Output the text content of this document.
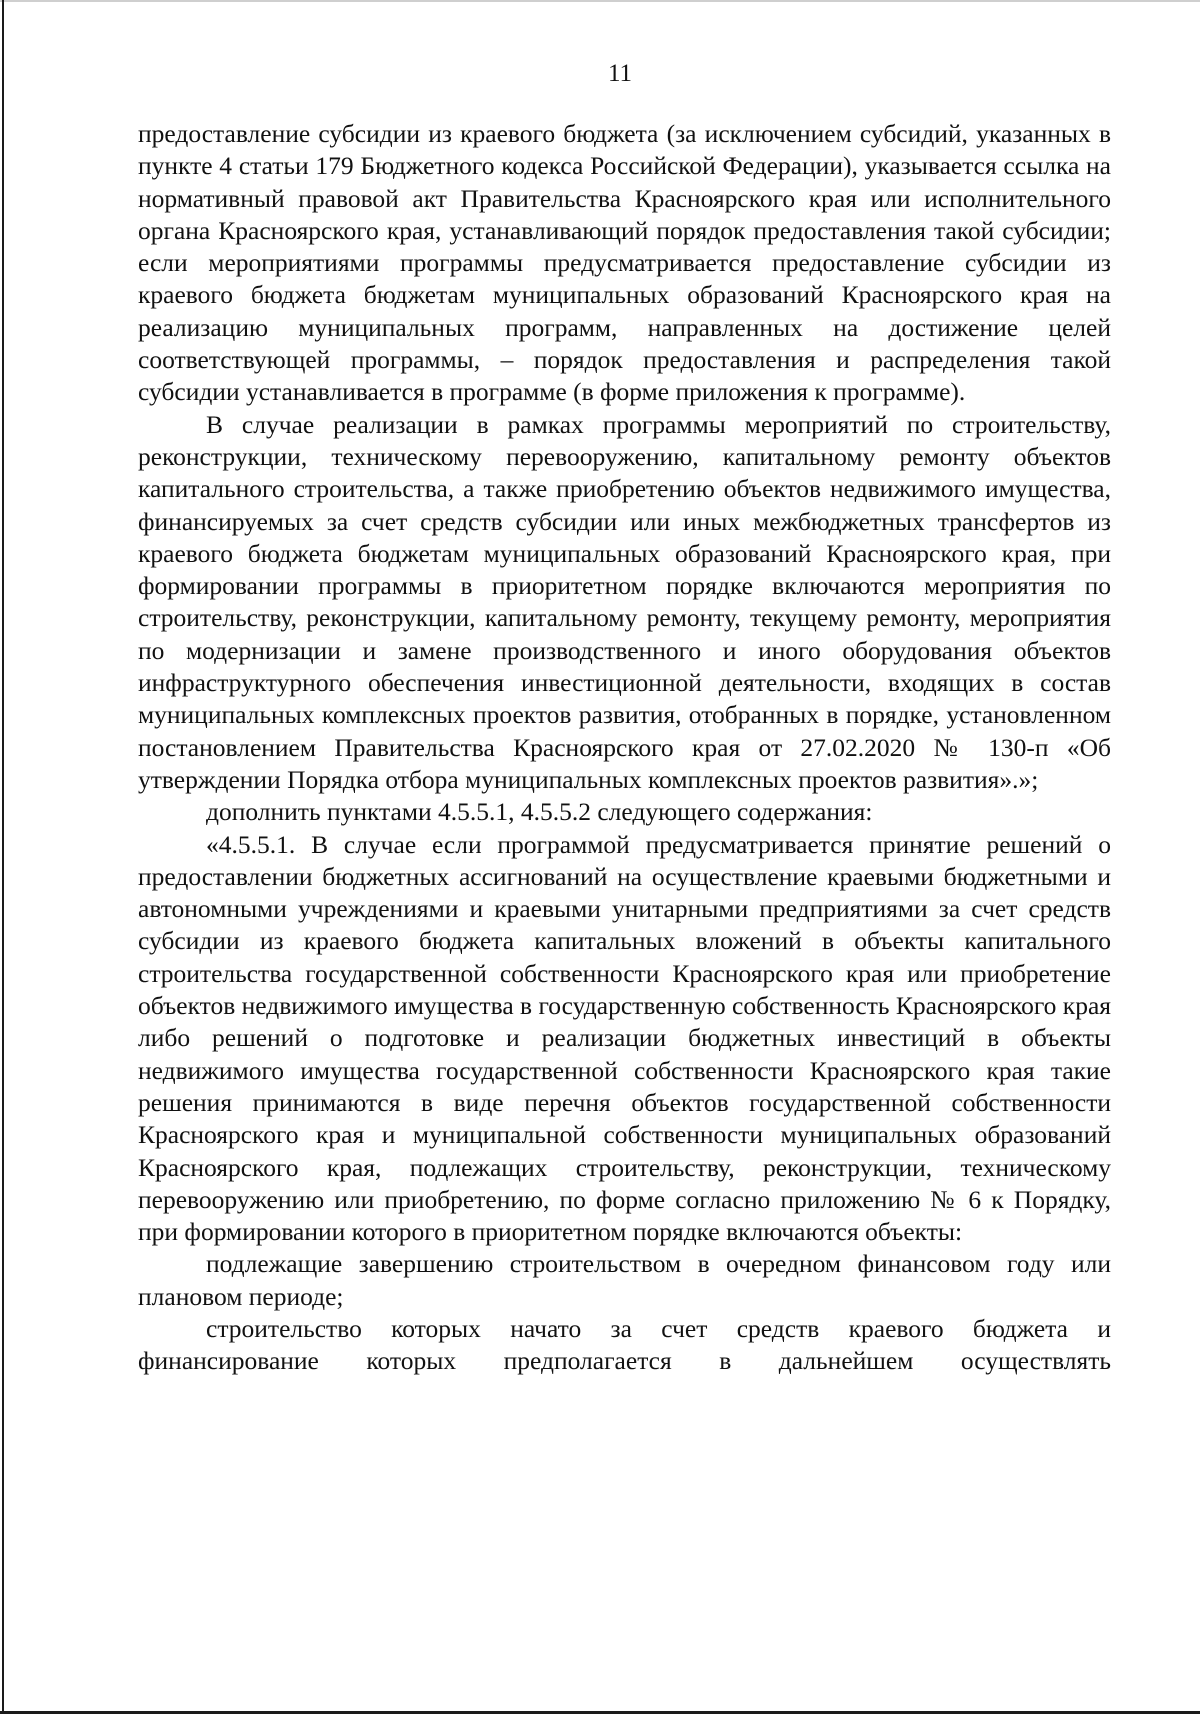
11

предоставление субсидии из краевого бюджета (за исключением субсидий, указанных в пункте 4 статьи 179 Бюджетного кодекса Российской Федерации), указывается ссылка на нормативный правовой акт Правительства Красноярского края или исполнительного органа Красноярского края, устанавливающий порядок предоставления такой субсидии; если мероприятиями программы предусматривается предоставление субсидии из краевого бюджета бюджетам муниципальных образований Красноярского края на реализацию муниципальных программ, направленных на достижение целей соответствующей программы, – порядок предоставления и распределения такой субсидии устанавливается в программе (в форме приложения к программе).

В случае реализации в рамках программы мероприятий по строительству, реконструкции, техническому перевооружению, капитальному ремонту объектов капитального строительства, а также приобретению объектов недвижимого имущества, финансируемых за счет средств субсидии или иных межбюджетных трансфертов из краевого бюджета бюджетам муниципальных образований Красноярского края, при формировании программы в приоритетном порядке включаются мероприятия по строительству, реконструкции, капитальному ремонту, текущему ремонту, мероприятия по модернизации и замене производственного и иного оборудования объектов инфраструктурного обеспечения инвестиционной деятельности, входящих в состав муниципальных комплексных проектов развития, отобранных в порядке, установленном постановлением Правительства Красноярского края от 27.02.2020 № 130-п «Об утверждении Порядка отбора муниципальных комплексных проектов развития».»;

дополнить пунктами 4.5.5.1, 4.5.5.2 следующего содержания:

«4.5.5.1. В случае если программой предусматривается принятие решений о предоставлении бюджетных ассигнований на осуществление краевыми бюджетными и автономными учреждениями и краевыми унитарными предприятиями за счет средств субсидии из краевого бюджета капитальных вложений в объекты капитального строительства государственной собственности Красноярского края или приобретение объектов недвижимого имущества в государственную собственность Красноярского края либо решений о подготовке и реализации бюджетных инвестиций в объекты недвижимого имущества государственной собственности Красноярского края такие решения принимаются в виде перечня объектов государственной собственности Красноярского края и муниципальной собственности муниципальных образований Красноярского края, подлежащих строительству, реконструкции, техническому перевооружению или приобретению, по форме согласно приложению № 6 к Порядку, при формировании которого в приоритетном порядке включаются объекты:

подлежащие завершению строительством в очередном финансовом году или плановом периоде;

строительство которых начато за счет средств краевого бюджета и финансирование которых предполагается в дальнейшем осуществлять
